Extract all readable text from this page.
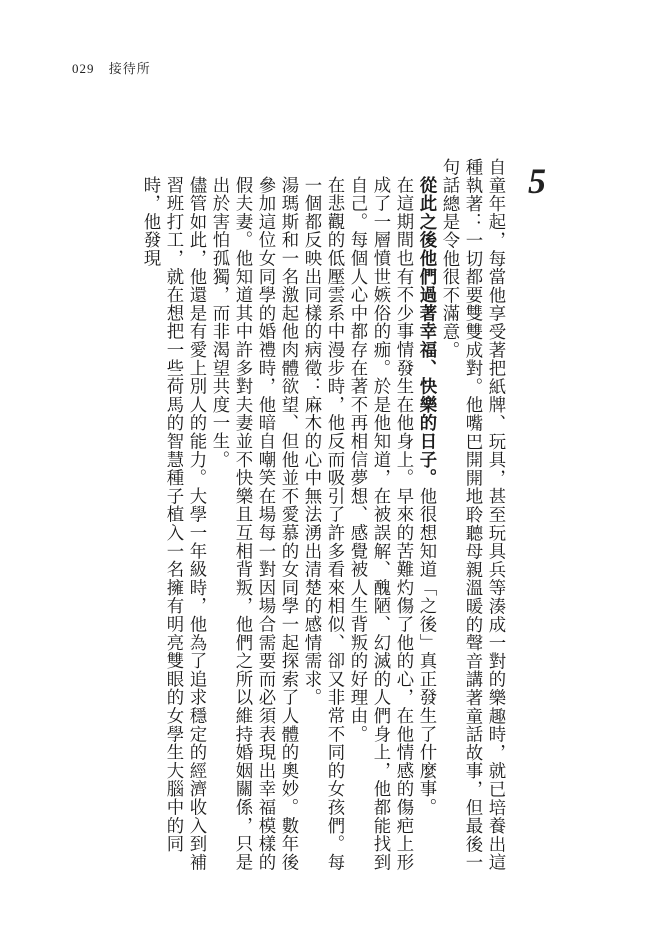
029 接待所
5

自童年起，每當他享受著把紙牌、玩具，甚至玩具兵等湊成一對的樂趣時，就已培養出這種執著：一切都要雙雙成對。他嘴巴開開地聆聽母親溫暖的聲音講著童話故事，但最後一句話總是令他很不滿意。

從此之後他們過著幸福、快樂的日子。他很想知道「之後」真正發生了什麼事。

在這期間也有不少事情發生在他身上。早來的苦難灼傷了他的心，在他情感的傷疤上形成了一層憤世嫉俗的痂。於是他知道，在被誤解、醜陋、幻滅的人們身上，他都能找到自己。每個人心中都存在著不再相信夢想、感覺被人生背叛的好理由。

在悲觀的低壓雲系中漫步時，他反而吸引了許多看來相似、卻又非常不同的女孩們。每一個都反映出同樣的病徵：麻木的心中無法湧出清楚的感情需求。

湯瑪斯和一名激起他肉體欲望、但他並不愛慕的女同學一起探索了人體的奧妙。數年後參加這位女同學的婚禮時，他暗自嘲笑在場每一對因場合需要而必須表現出幸福模樣的假夫妻。他知道其中許多對夫妻並不快樂且互相背叛，他們之所以維持婚姻關係，只是出於害怕孤獨，而非渴望共度一生。

儘管如此，他還是有愛上別人的能力。大學一年級時，他為了追求穩定的經濟收入到補習班打工，就在想把一些荷馬的智慧種子植入一名擁有明亮雙眼的女學生大腦中的同時，他發現
